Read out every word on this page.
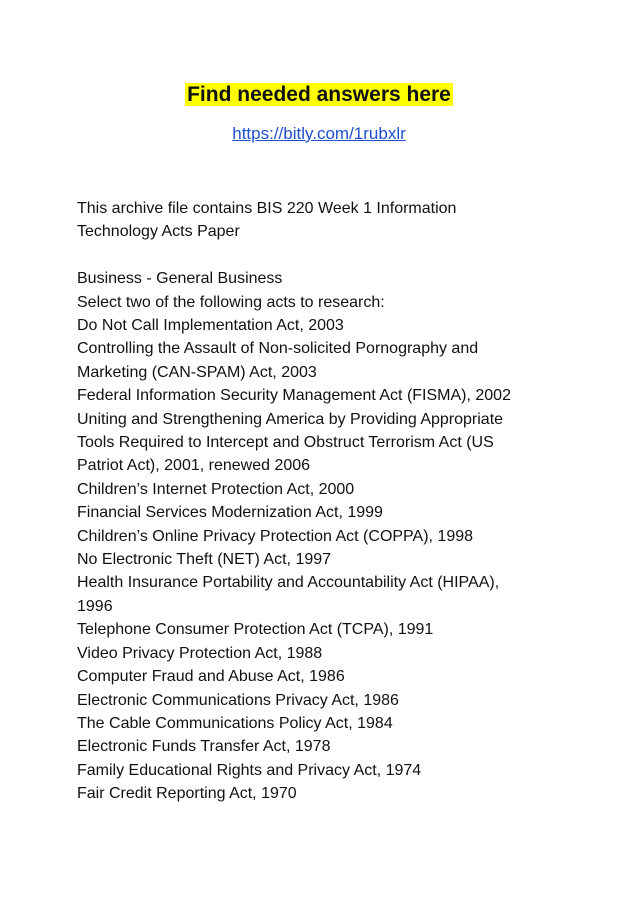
Find needed answers here
https://bitly.com/1rubxlr

This archive file contains BIS 220 Week 1 Information

Technology Acts Paper

Business - General Business

Select two of the following acts to research:

Do Not Call Implementation Act, 2003

Controlling the Assault of Non-solicited Pornography and

Marketing (CAN-SPAM) Act, 2003

Federal Information Security Management Act (FISMA), 2002

Uniting and Strengthening America by Providing Appropriate

Tools Required to Intercept and Obstruct Terrorism Act (US

Patriot Act), 2001, renewed 2006

Children’s Internet Protection Act, 2000

Financial Services Modernization Act, 1999

Children’s Online Privacy Protection Act (COPPA), 1998

No Electronic Theft (NET) Act, 1997

Health Insurance Portability and Accountability Act (HIPAA),

1996

Telephone Consumer Protection Act (TCPA), 1991

Video Privacy Protection Act, 1988

Computer Fraud and Abuse Act, 1986

Electronic Communications Privacy Act, 1986

The Cable Communications Policy Act, 1984

Electronic Funds Transfer Act, 1978

Family Educational Rights and Privacy Act, 1974

Fair Credit Reporting Act, 1970
